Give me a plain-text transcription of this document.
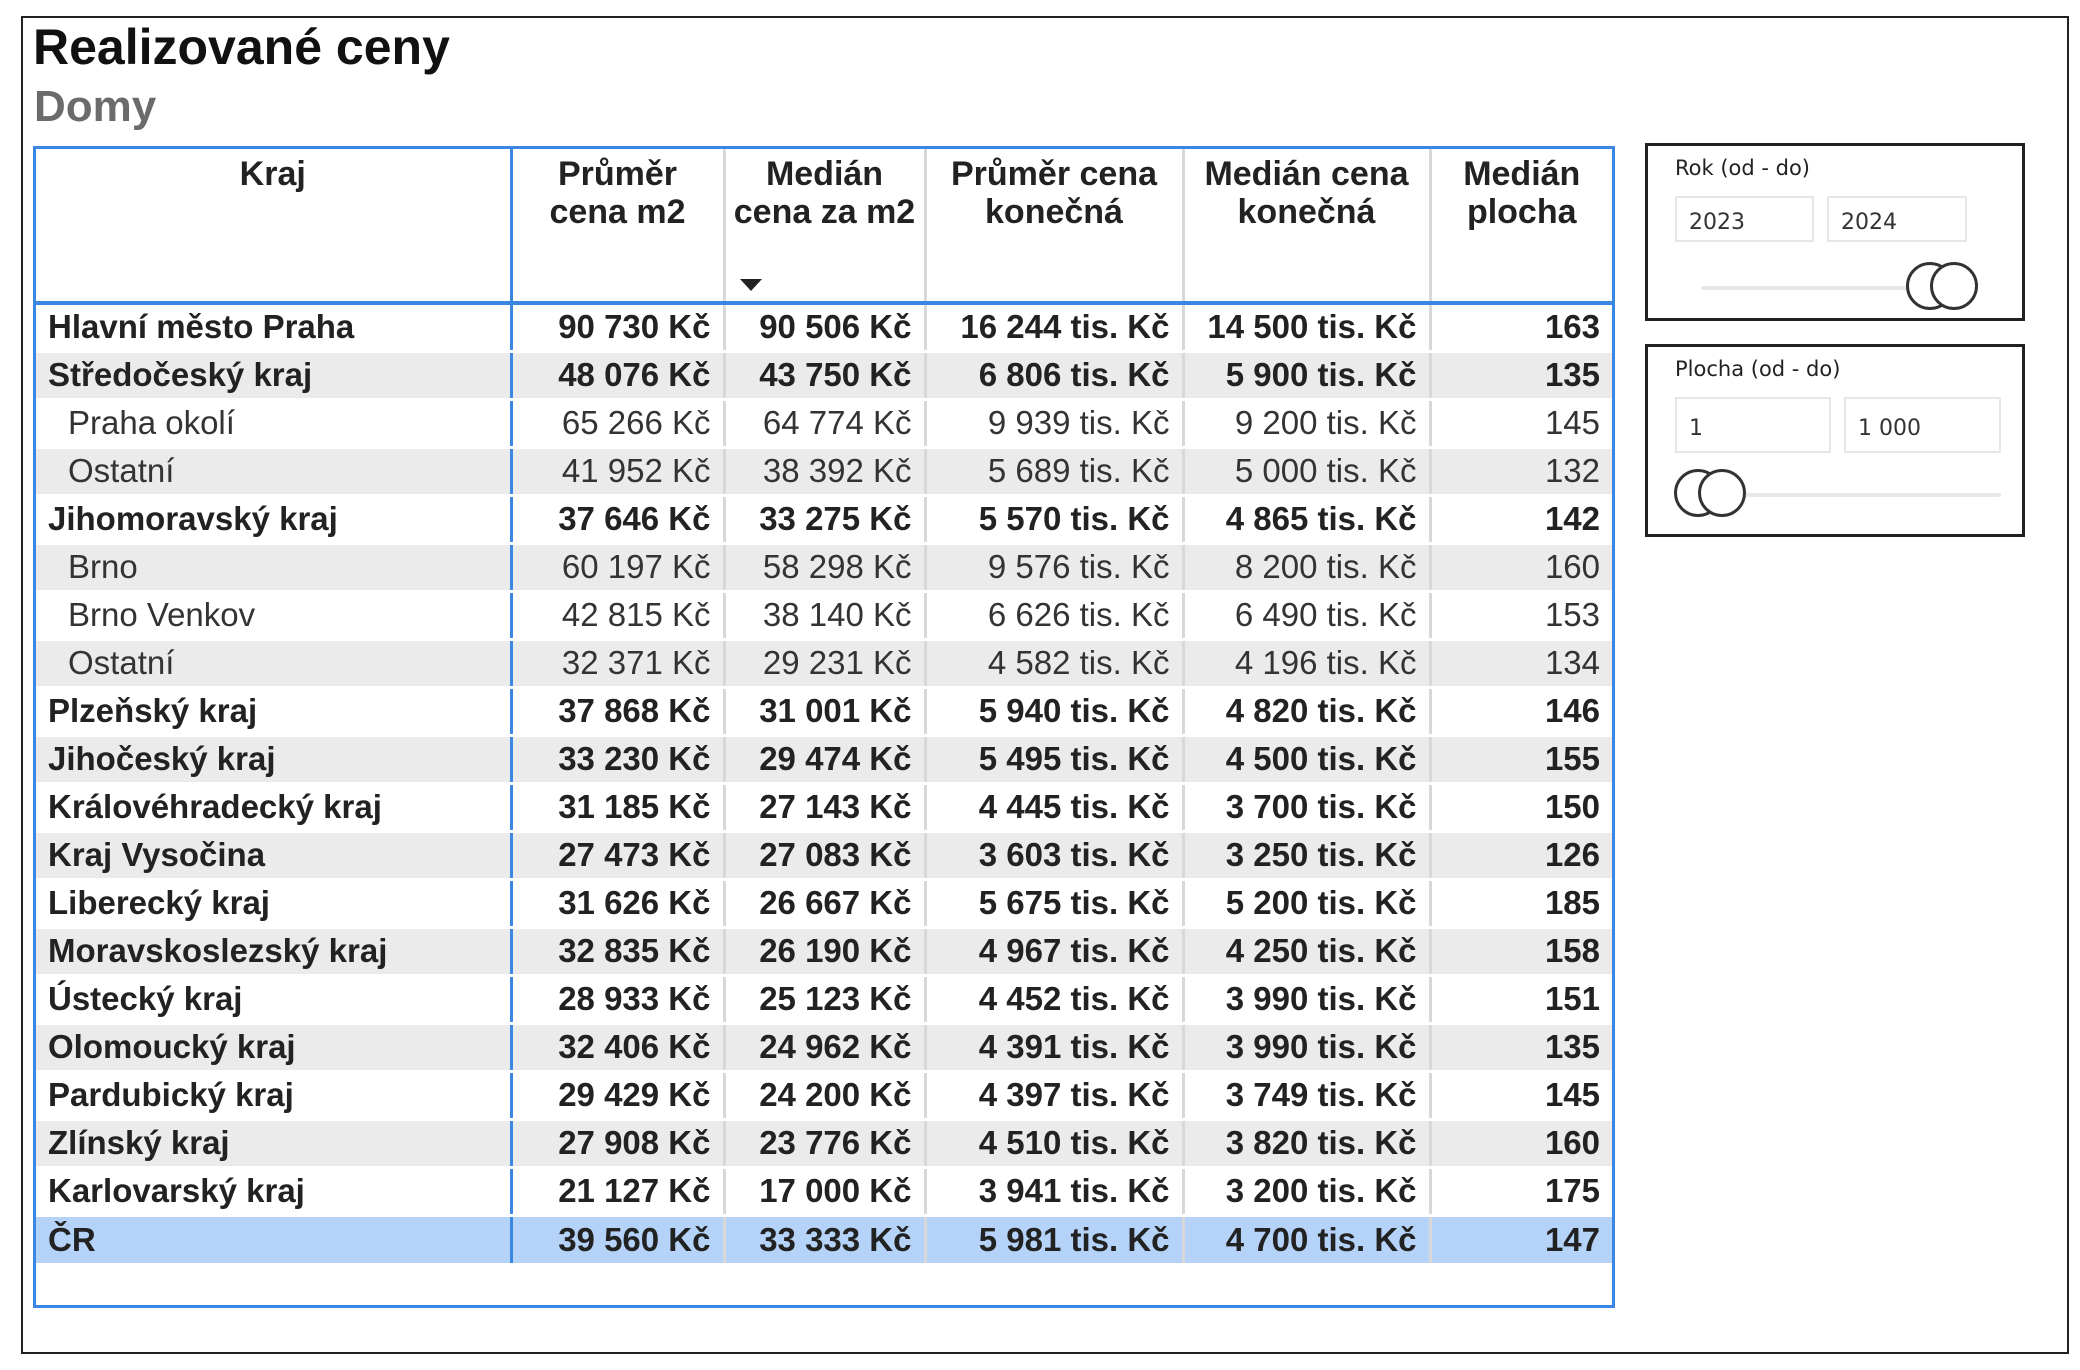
Realizované ceny
Domy
Kraj	Průměr cena m2	Medián cena za m2	Průměr cena konečná	Medián cena konečná	Medián plocha
Hlavní město Praha	90 730 Kč	90 506 Kč	16 244 tis. Kč	14 500 tis. Kč	163
Středočeský kraj	48 076 Kč	43 750 Kč	6 806 tis. Kč	5 900 tis. Kč	135
Praha okolí	65 266 Kč	64 774 Kč	9 939 tis. Kč	9 200 tis. Kč	145
Ostatní	41 952 Kč	38 392 Kč	5 689 tis. Kč	5 000 tis. Kč	132
Jihomoravský kraj	37 646 Kč	33 275 Kč	5 570 tis. Kč	4 865 tis. Kč	142
Brno	60 197 Kč	58 298 Kč	9 576 tis. Kč	8 200 tis. Kč	160
Brno Venkov	42 815 Kč	38 140 Kč	6 626 tis. Kč	6 490 tis. Kč	153
Ostatní	32 371 Kč	29 231 Kč	4 582 tis. Kč	4 196 tis. Kč	134
Plzeňský kraj	37 868 Kč	31 001 Kč	5 940 tis. Kč	4 820 tis. Kč	146
Jihočeský kraj	33 230 Kč	29 474 Kč	5 495 tis. Kč	4 500 tis. Kč	155
Královéhradecký kraj	31 185 Kč	27 143 Kč	4 445 tis. Kč	3 700 tis. Kč	150
Kraj Vysočina	27 473 Kč	27 083 Kč	3 603 tis. Kč	3 250 tis. Kč	126
Liberecký kraj	31 626 Kč	26 667 Kč	5 675 tis. Kč	5 200 tis. Kč	185
Moravskoslezský kraj	32 835 Kč	26 190 Kč	4 967 tis. Kč	4 250 tis. Kč	158
Ústecký kraj	28 933 Kč	25 123 Kč	4 452 tis. Kč	3 990 tis. Kč	151
Olomoucký kraj	32 406 Kč	24 962 Kč	4 391 tis. Kč	3 990 tis. Kč	135
Pardubický kraj	29 429 Kč	24 200 Kč	4 397 tis. Kč	3 749 tis. Kč	145
Zlínský kraj	27 908 Kč	23 776 Kč	4 510 tis. Kč	3 820 tis. Kč	160
Karlovarský kraj	21 127 Kč	17 000 Kč	3 941 tis. Kč	3 200 tis. Kč	175
ČR	39 560 Kč	33 333 Kč	5 981 tis. Kč	4 700 tis. Kč	147
Rok (od - do)
2023	2024
Plocha (od - do)
1	1 000
